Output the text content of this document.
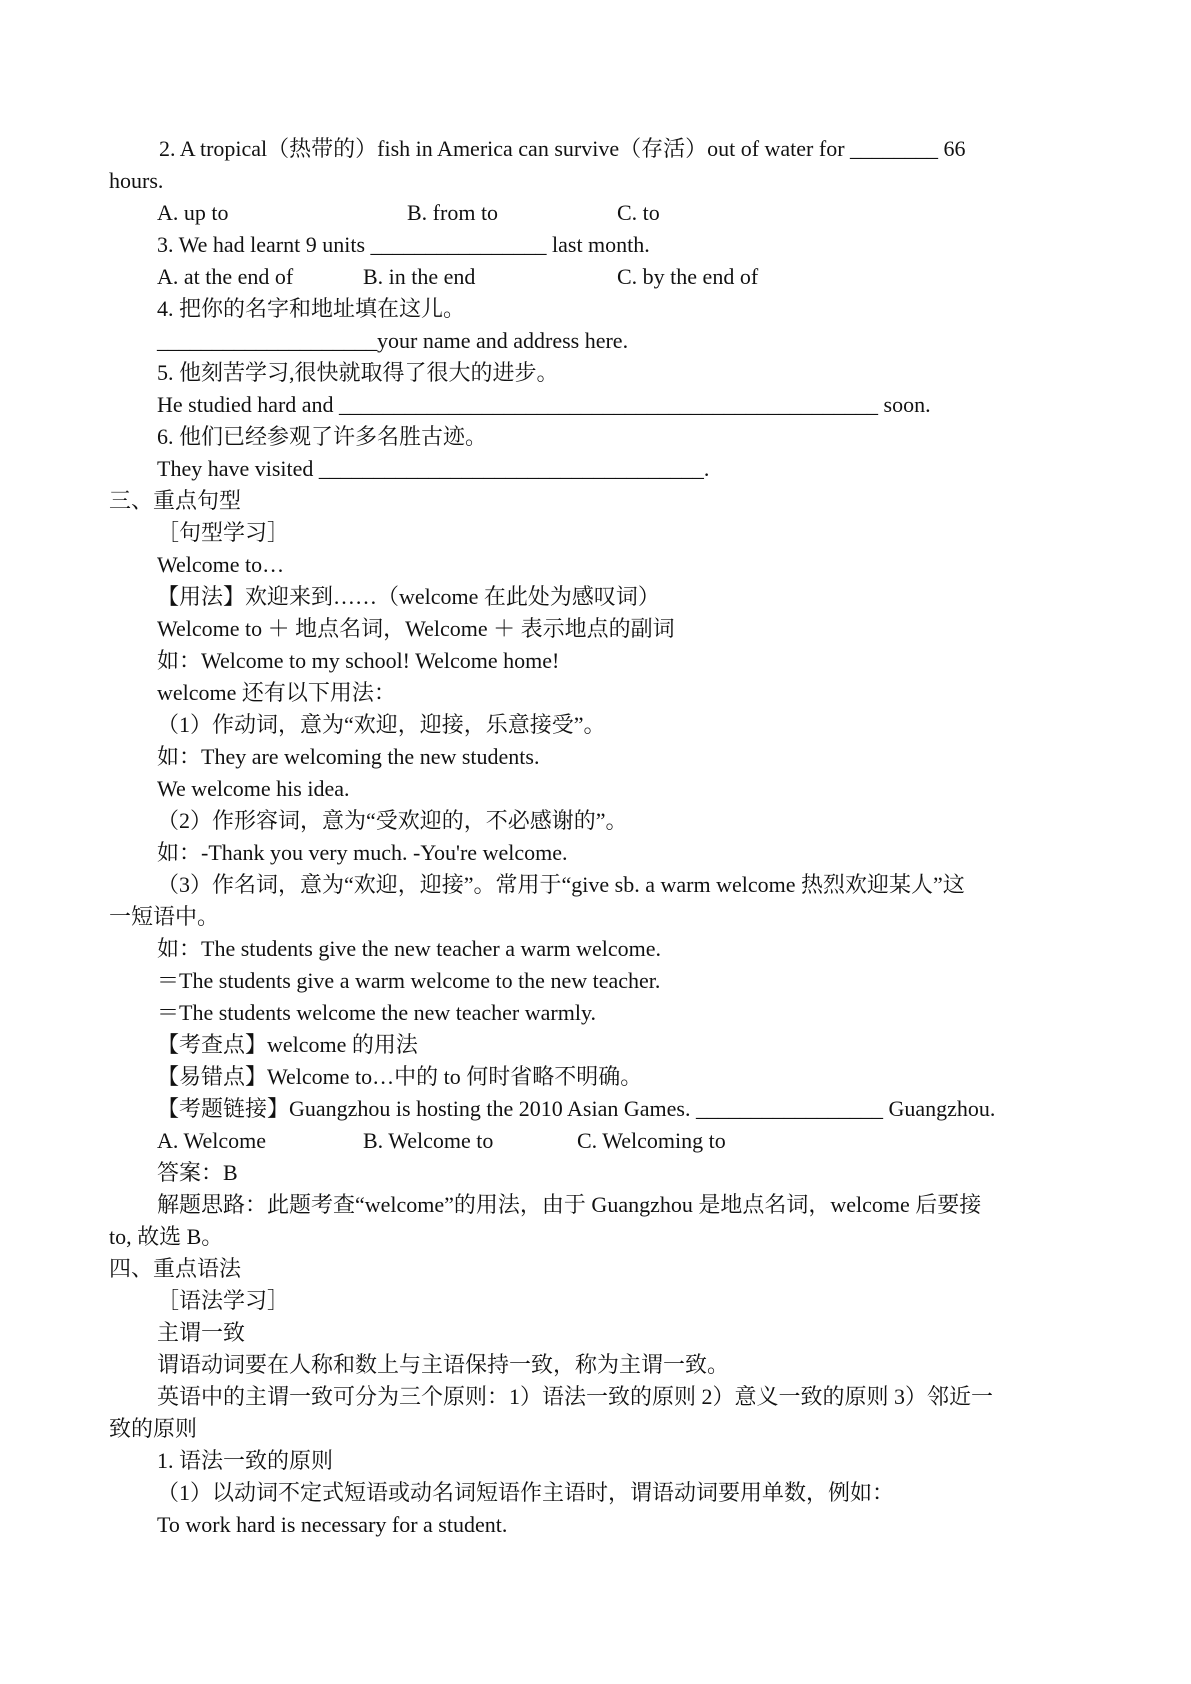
2. A tropical（热带的）fish in America can survive（存活）out of water for ________ 66
hours.
A. up to	B. from to	C. to
3. We had learnt 9 units ________________ last month.
A. at the end of	B. in the end	C. by the end of
4. 把你的名字和地址填在这儿。
____________________your name and address here.
5. 他刻苦学习,很快就取得了很大的进步。
He studied hard and _________________________________________________ soon.
6. 他们已经参观了许多名胜古迹。
They have visited ___________________________________.
三、重点句型
［句型学习］
Welcome to…
【用法】欢迎来到……（welcome 在此处为感叹词）
Welcome to ＋ 地点名词，Welcome ＋ 表示地点的副词
如：Welcome to my school! Welcome home!
welcome 还有以下用法：
（1）作动词，意为“欢迎，迎接，乐意接受”。
如：They are welcoming the new students.
We welcome his idea.
（2）作形容词，意为“受欢迎的，不必感谢的”。
如：-Thank you very much. -You're welcome.
（3）作名词，意为“欢迎，迎接”。常用于“give sb. a warm welcome 热烈欢迎某人”这
一短语中。
如：The students give the new teacher a warm welcome.
＝The students give a warm welcome to the new teacher.
＝The students welcome the new teacher warmly.
【考查点】welcome 的用法
【易错点】Welcome to…中的 to 何时省略不明确。
【考题链接】Guangzhou is hosting the 2010 Asian Games. _________________ Guangzhou.
A. Welcome	B. Welcome to	C. Welcoming to
答案：B
解题思路：此题考查“welcome”的用法，由于 Guangzhou 是地点名词，welcome 后要接
to, 故选 B。
四、重点语法
［语法学习］
主谓一致
谓语动词要在人称和数上与主语保持一致，称为主谓一致。
英语中的主谓一致可分为三个原则：1）语法一致的原则 2）意义一致的原则 3）邻近一
致的原则
1. 语法一致的原则
（1）以动词不定式短语或动名词短语作主语时，谓语动词要用单数，例如：
To work hard is necessary for a student.
